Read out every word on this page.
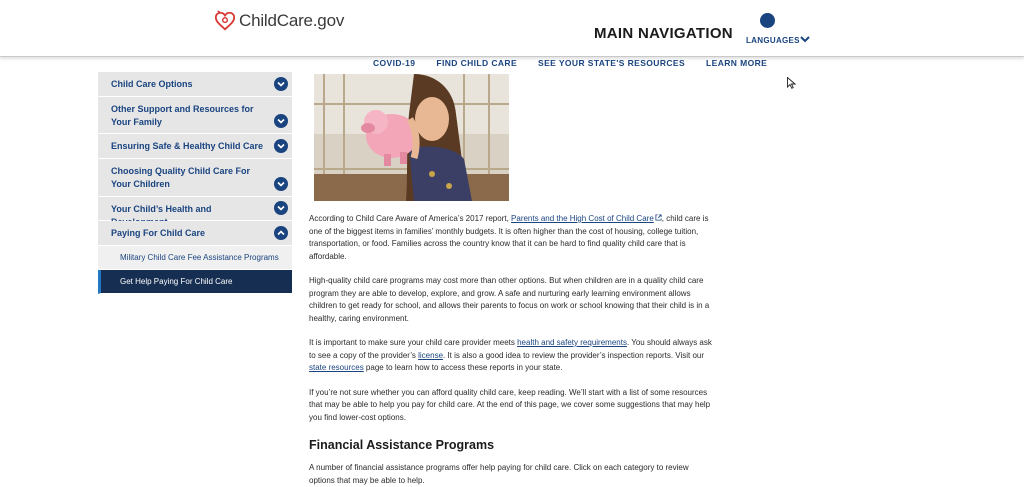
ChildCare.gov
MAIN NAVIGATION LANGUAGES
COVID-19 FIND CHILD CARE SEE YOUR STATE'S RESOURCES LEARN MORE
Child Care Options
Other Support and Resources for Your Family
Ensuring Safe & Healthy Child Care
Choosing Quality Child Care For Your Children
Your Child’s Health and
Paying For Child Care
Military Child Care Fee Assistance Programs
Get Help Paying For Child Care

According to Child Care Aware of America’s 2017 report, Parents and the High Cost of Child Care , child care is one of the biggest items in families’ monthly budgets. It is often higher than the cost of housing, college tuition, transportation, or food. Families across the country know that it can be hard to find quality child care that is affordable.

High-quality child care programs may cost more than other options. But when children are in a quality child care program they are able to develop, explore, and grow. A safe and nurturing early learning environment allows children to get ready for school, and allows their parents to focus on work or school knowing that their child is in a healthy, caring environment.

It is important to make sure your child care provider meets health and safety requirements. You should always ask to see a copy of the provider’s license. It is also a good idea to review the provider’s inspection reports. Visit our state resources page to learn how to access these reports in your state.

If you’re not sure whether you can afford quality child care, keep reading. We’ll start with a list of some resources that may be able to help you pay for child care. At the end of this page, we cover some suggestions that may help you find lower-cost options.

Financial Assistance Programs

A number of financial assistance programs offer help paying for child care. Click on each category to review options that may be able to help.
